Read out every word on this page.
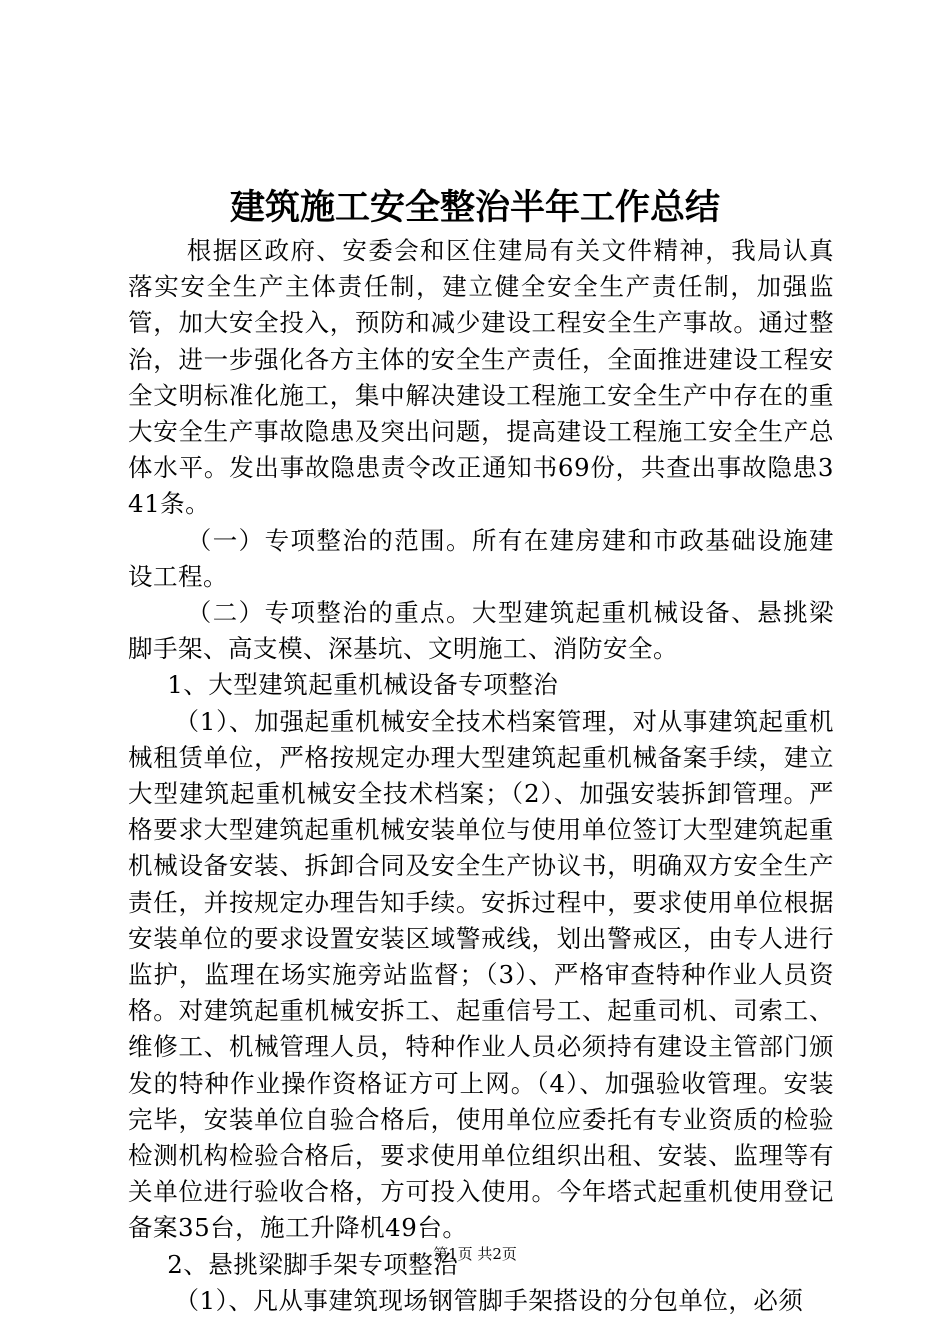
建筑施工安全整治半年工作总结

根据区政府、安委会和区住建局有关文件精神，我局认真落实安全生产主体责任制，建立健全安全生产责任制，加强监管，加大安全投入，预防和减少建设工程安全生产事故。通过整治，进一步强化各方主体的安全生产责任，全面推进建设工程安全文明标准化施工，集中解决建设工程施工安全生产中存在的重大安全生产事故隐患及突出问题，提高建设工程施工安全生产总体水平。发出事故隐患责令改正通知书69份，共查出事故隐患341条。

（一）专项整治的范围。所有在建房建和市政基础设施建设工程。

（二）专项整治的重点。大型建筑起重机械设备、悬挑梁脚手架、高支模、深基坑、文明施工、消防安全。

1、大型建筑起重机械设备专项整治

（1）、加强起重机械安全技术档案管理，对从事建筑起重机械租赁单位，严格按规定办理大型建筑起重机械备案手续，建立大型建筑起重机械安全技术档案；（2）、加强安装拆卸管理。严格要求大型建筑起重机械安装单位与使用单位签订大型建筑起重机械设备安装、拆卸合同及安全生产协议书，明确双方安全生产责任，并按规定办理告知手续。安拆过程中，要求使用单位根据安装单位的要求设置安装区域警戒线，划出警戒区，由专人进行监护，监理在场实施旁站监督；（3）、严格审查特种作业人员资格。对建筑起重机械安拆工、起重信号工、起重司机、司索工、维修工、机械管理人员，特种作业人员必须持有建设主管部门颁发的特种作业操作资格证方可上网。（4）、加强验收管理。安装完毕，安装单位自验合格后，使用单位应委托有专业资质的检验检测机构检验合格后，要求使用单位组织出租、安装、监理等有关单位进行验收合格，方可投入使用。今年塔式起重机使用登记备案35台，施工升降机49台。

2、悬挑梁脚手架专项整治

（1）、凡从事建筑现场钢管脚手架搭设的分包单位，必须

第1页 共2页
